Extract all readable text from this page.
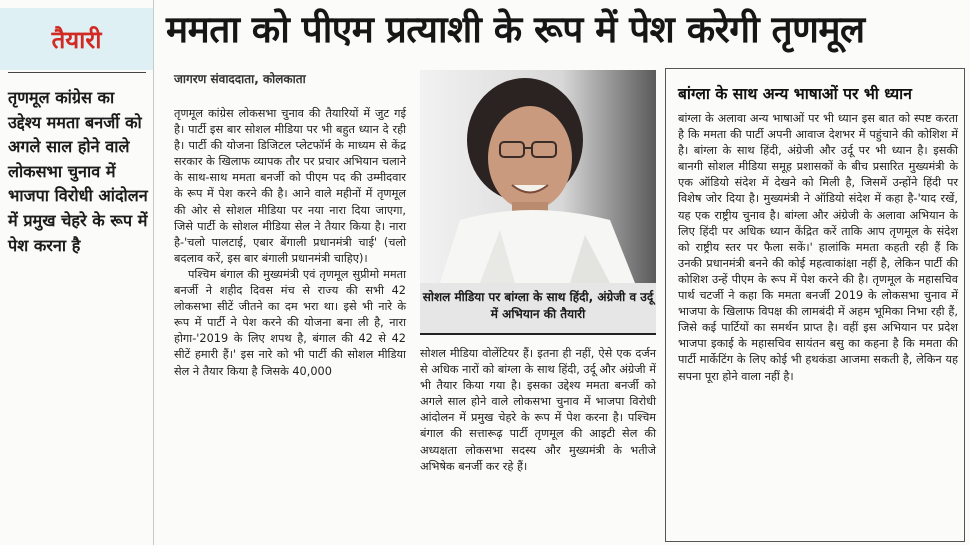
तैयारी
तृणमूल कांग्रेस का उद्देश्य ममता बनर्जी को अगले साल होने वाले लोकसभा चुनाव में भाजपा विरोधी आंदोलन में प्रमुख चेहरे के रूप में पेश करना है
ममता को पीएम प्रत्याशी के रूप में पेश करेगी तृणमूल
जागरण संवाददाता, कोलकाता

तृणमूल कांग्रेस लोकसभा चुनाव की तैयारियों में जुट गई है। पार्टी इस बार सोशल मीडिया पर भी बहुत ध्यान दे रही है। पार्टी की योजना डिजिटल प्लेटफॉर्म के माध्यम से केंद्र सरकार के खिलाफ व्यापक तौर पर प्रचार अभियान चलाने के साथ-साथ ममता बनर्जी को पीएम पद की उम्मीदवार के रूप में पेश करने की है। आने वाले महीनों में तृणमूल की ओर से सोशल मीडिया पर नया नारा दिया जाएगा, जिसे पार्टी के सोशल मीडिया सेल ने तैयार किया है। नारा है-'चलो पालटाई, एबार बेंगाली प्रधानमंत्री चाई' (चलो बदलाव करें, इस बार बंगाली प्रधानमंत्री चाहिए)।

पश्चिम बंगाल की मुख्यमंत्री एवं तृणमूल सुप्रीमो ममता बनर्जी ने शहीद दिवस मंच से राज्य की सभी 42 लोकसभा सीटें जीतने का दम भरा था। इसे भी नारे के रूप में पार्टी ने पेश करने की योजना बना ली है, नारा होगा-'2019 के लिए शपथ है, बंगाल की 42 से 42 सीटें हमारी हैं।' इस नारे को भी पार्टी की सोशल मीडिया सेल ने तैयार किया है जिसके 40,000

सोशल मीडिया पर बांग्ला के साथ हिंदी, अंग्रेजी व उर्दू में अभियान की तैयारी

सोशल मीडिया वोलेंटियर हैं। इतना ही नहीं, ऐसे एक दर्जन से अधिक नारों को बांग्ला के साथ हिंदी, उर्दू और अंग्रेजी में भी तैयार किया गया है। इसका उद्देश्य ममता बनर्जी को अगले साल होने वाले लोकसभा चुनाव में भाजपा विरोधी आंदोलन में प्रमुख चेहरे के रूप में पेश करना है। पश्चिम बंगाल की सत्तारूढ़ पार्टी तृणमूल की आइटी सेल की अध्यक्षता लोकसभा सदस्य और मुख्यमंत्री के भतीजे अभिषेक बनर्जी कर रहे हैं।

बांग्ला के साथ अन्य भाषाओं पर भी ध्यान
बांग्ला के अलावा अन्य भाषाओं पर भी ध्यान इस बात को स्पष्ट करता है कि ममता की पार्टी अपनी आवाज देशभर में पहुंचाने की कोशिश में है। बांग्ला के साथ हिंदी, अंग्रेजी और उर्दू पर भी ध्यान है। इसकी बानगी सोशल मीडिया समूह प्रशासकों के बीच प्रसारित मुख्यमंत्री के एक ऑडियो संदेश में देखने को मिली है, जिसमें उन्होंने हिंदी पर विशेष जोर दिया है। मुख्यमंत्री ने ऑडियो संदेश में कहा है-'याद रखें, यह एक राष्ट्रीय चुनाव है। बांग्ला और अंग्रेजी के अलावा अभियान के लिए हिंदी पर अधिक ध्यान केंद्रित करें ताकि आप तृणमूल के संदेश को राष्ट्रीय स्तर पर फैला सकें।' हालांकि ममता कहती रही हैं कि उनकी प्रधानमंत्री बनने की कोई महत्वाकांक्षा नहीं है, लेकिन पार्टी की कोशिश उन्हें पीएम के रूप में पेश करने की है। तृणमूल के महासचिव पार्थ चटर्जी ने कहा कि ममता बनर्जी 2019 के लोकसभा चुनाव में भाजपा के खिलाफ विपक्ष की लामबंदी में अहम भूमिका निभा रही हैं, जिसे कई पार्टियों का समर्थन प्राप्त है। वहीं इस अभियान पर प्रदेश भाजपा इकाई के महासचिव सायंतन बसु का कहना है कि ममता की पार्टी मार्केटिंग के लिए कोई भी हथकंडा आजमा सकती है, लेकिन यह सपना पूरा होने वाला नहीं है।
